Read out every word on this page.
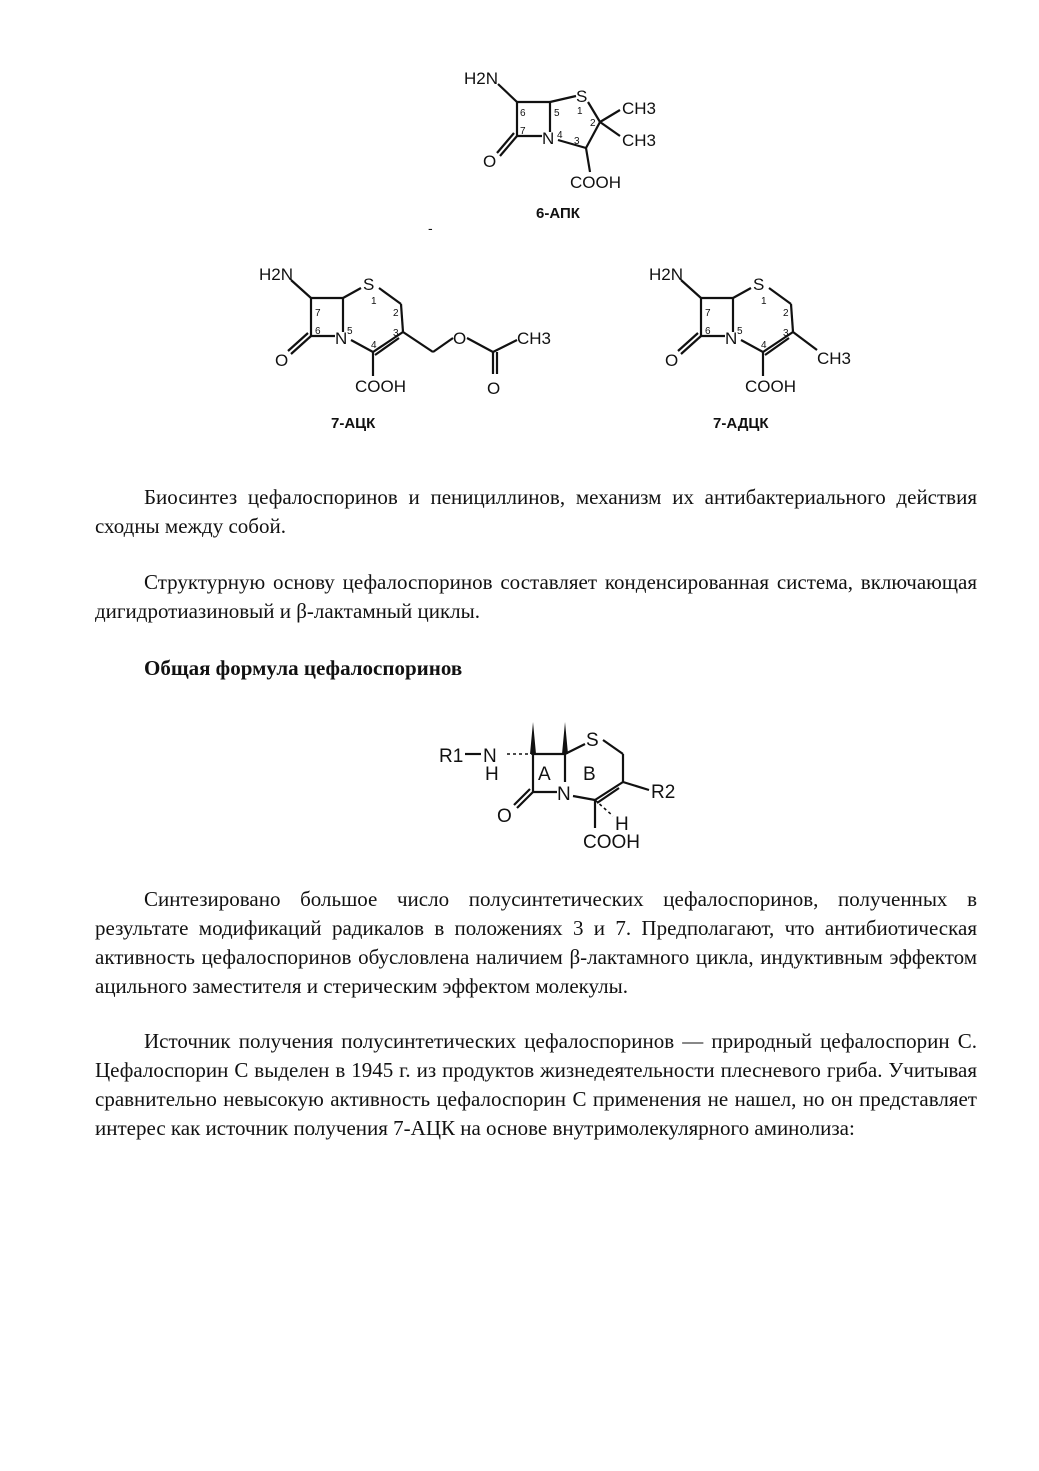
H2N
S
N
O
CH3
CH3
COOH
1
2
3
4
5
6
7
6-АПК
-
H2N
S
N 5
O
O
O
CH3
COOH
1
2
3
4
6
7
7-АЦК
H2N
S
N 5
O	CH3
COOH
1
2
3
4
6
7
7-АДЦК

Биосинтез цефалоспоринов и пенициллинов, механизм их антибактериального действия сходны между собой.

Структурную основу цефалоспоринов составляет конденсированная система, включающая дигидротиазиновый и β-лактамный циклы.

Общая формула цефалоспоринов

R1 N
H A B
S
N
O
R2
H
COOH

Синтезировано большое число полусинтетических цефалоспоринов, полученных в результате модификаций радикалов в положениях 3 и 7. Предполагают, что антибиотическая активность цефалоспоринов обусловлена наличием β-лактамного цикла, индуктивным эффектом ацильного заместителя и стерическим эффектом молекулы.

Источник получения полусинтетических цефалоспоринов — природный цефалоспорин С. Цефалоспорин С выделен в 1945 г. из продуктов жизнедеятельности плесневого гриба. Учитывая сравнительно невысокую активность цефалоспорин С применения не нашел, но он представляет интерес как источник получения 7-АЦК на основе внутримолекулярного аминолиза:
